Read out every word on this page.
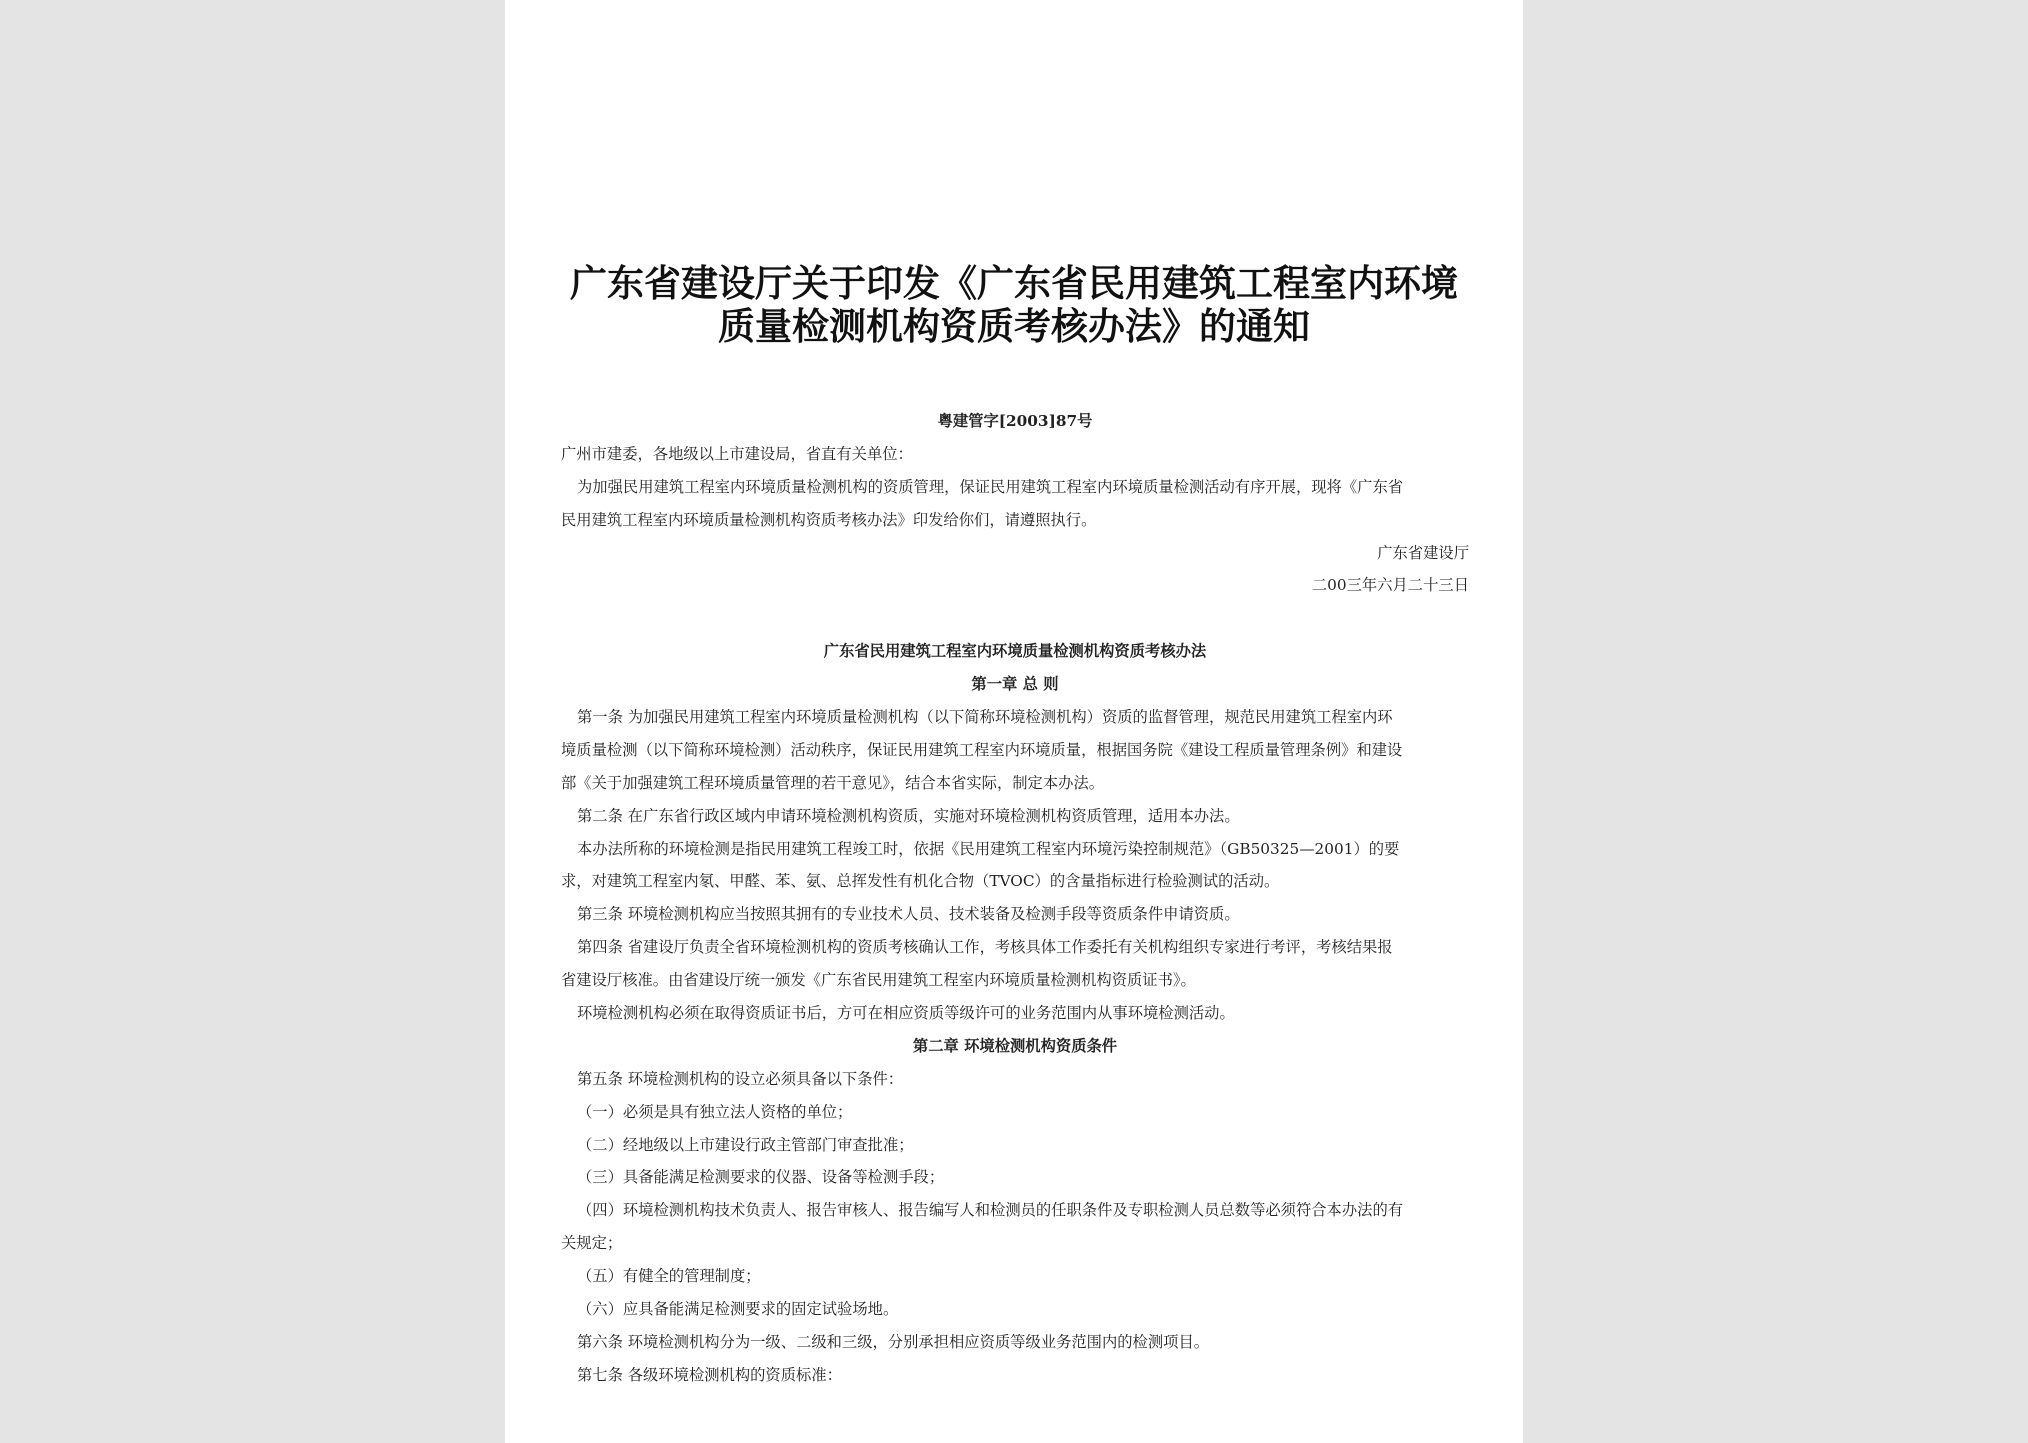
广东省建设厅关于印发《广东省民用建筑工程室内环境
质量检测机构资质考核办法》的通知
粤建管字[2003]87号
广州市建委，各地级以上市建设局，省直有关单位：
为加强民用建筑工程室内环境质量检测机构的资质管理，保证民用建筑工程室内环境质量检测活动有序开展，现将《广东省
民用建筑工程室内环境质量检测机构资质考核办法》印发给你们，请遵照执行。
广东省建设厅
二00三年六月二十三日
广东省民用建筑工程室内环境质量检测机构资质考核办法
第一章 总 则
第一条 为加强民用建筑工程室内环境质量检测机构（以下简称环境检测机构）资质的监督管理，规范民用建筑工程室内环
境质量检测（以下简称环境检测）活动秩序，保证民用建筑工程室内环境质量，根据国务院《建设工程质量管理条例》和建设
部《关于加强建筑工程环境质量管理的若干意见》，结合本省实际，制定本办法。
第二条 在广东省行政区域内申请环境检测机构资质，实施对环境检测机构资质管理，适用本办法。
本办法所称的环境检测是指民用建筑工程竣工时，依据《民用建筑工程室内环境污染控制规范》（GB50325—2001）的要
求，对建筑工程室内氡、甲醛、苯、氨、总挥发性有机化合物（TVOC）的含量指标进行检验测试的活动。
第三条 环境检测机构应当按照其拥有的专业技术人员、技术装备及检测手段等资质条件申请资质。
第四条 省建设厅负责全省环境检测机构的资质考核确认工作，考核具体工作委托有关机构组织专家进行考评，考核结果报
省建设厅核准。由省建设厅统一颁发《广东省民用建筑工程室内环境质量检测机构资质证书》。
环境检测机构必须在取得资质证书后，方可在相应资质等级许可的业务范围内从事环境检测活动。
第二章 环境检测机构资质条件
第五条 环境检测机构的设立必须具备以下条件：
（一）必须是具有独立法人资格的单位；
（二）经地级以上市建设行政主管部门审查批准；
（三）具备能满足检测要求的仪器、设备等检测手段；
（四）环境检测机构技术负责人、报告审核人、报告编写人和检测员的任职条件及专职检测人员总数等必须符合本办法的有
关规定；
（五）有健全的管理制度；
（六）应具备能满足检测要求的固定试验场地。
第六条 环境检测机构分为一级、二级和三级，分别承担相应资质等级业务范围内的检测项目。
第七条 各级环境检测机构的资质标准：
